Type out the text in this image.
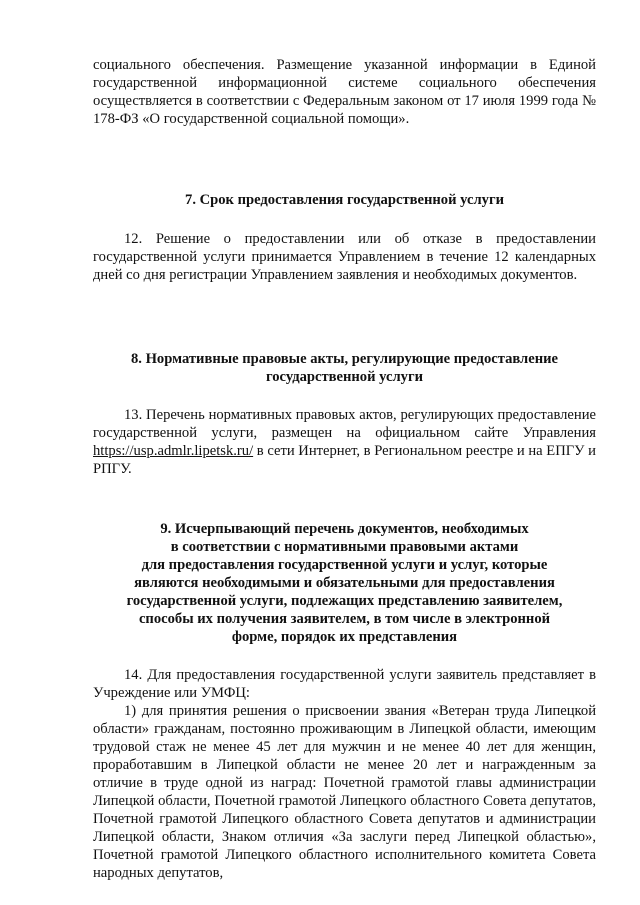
социального обеспечения. Размещение указанной информации в Единой государственной информационной системе социального обеспечения осуществляется в соответствии с Федеральным законом от 17 июля 1999 года № 178-ФЗ «О государственной социальной помощи».

7. Срок предоставления государственной услуги

12. Решение о предоставлении или об отказе в предоставлении государственной услуги принимается Управлением в течение 12 календарных дней со дня регистрации Управлением заявления и необходимых документов.

8. Нормативные правовые акты, регулирующие предоставление
государственной услуги

13. Перечень нормативных правовых актов, регулирующих предоставление государственной услуги, размещен на официальном сайте Управления https://usp.admlr.lipetsk.ru/ в сети Интернет, в Региональном реестре и на ЕПГУ и РПГУ.

9. Исчерпывающий перечень документов, необходимых
в соответствии с нормативными правовыми актами
для предоставления государственной услуги и услуг, которые
являются необходимыми и обязательными для предоставления
государственной услуги, подлежащих представлению заявителем,
способы их получения заявителем, в том числе в электронной
форме, порядок их представления

14. Для предоставления государственной услуги заявитель представляет в Учреждение или УМФЦ:

1) для принятия решения о присвоении звания «Ветеран труда Липецкой области» гражданам, постоянно проживающим в Липецкой области, имеющим трудовой стаж не менее 45 лет для мужчин и не менее 40 лет для женщин, проработавшим в Липецкой области не менее 20 лет и награжденным за отличие в труде одной из наград: Почетной грамотой главы администрации Липецкой области, Почетной грамотой Липецкого областного Совета депутатов, Почетной грамотой Липецкого областного Совета депутатов и администрации Липецкой области, Знаком отличия «За заслуги перед Липецкой областью», Почетной грамотой Липецкого областного исполнительного комитета Совета народных депутатов,
